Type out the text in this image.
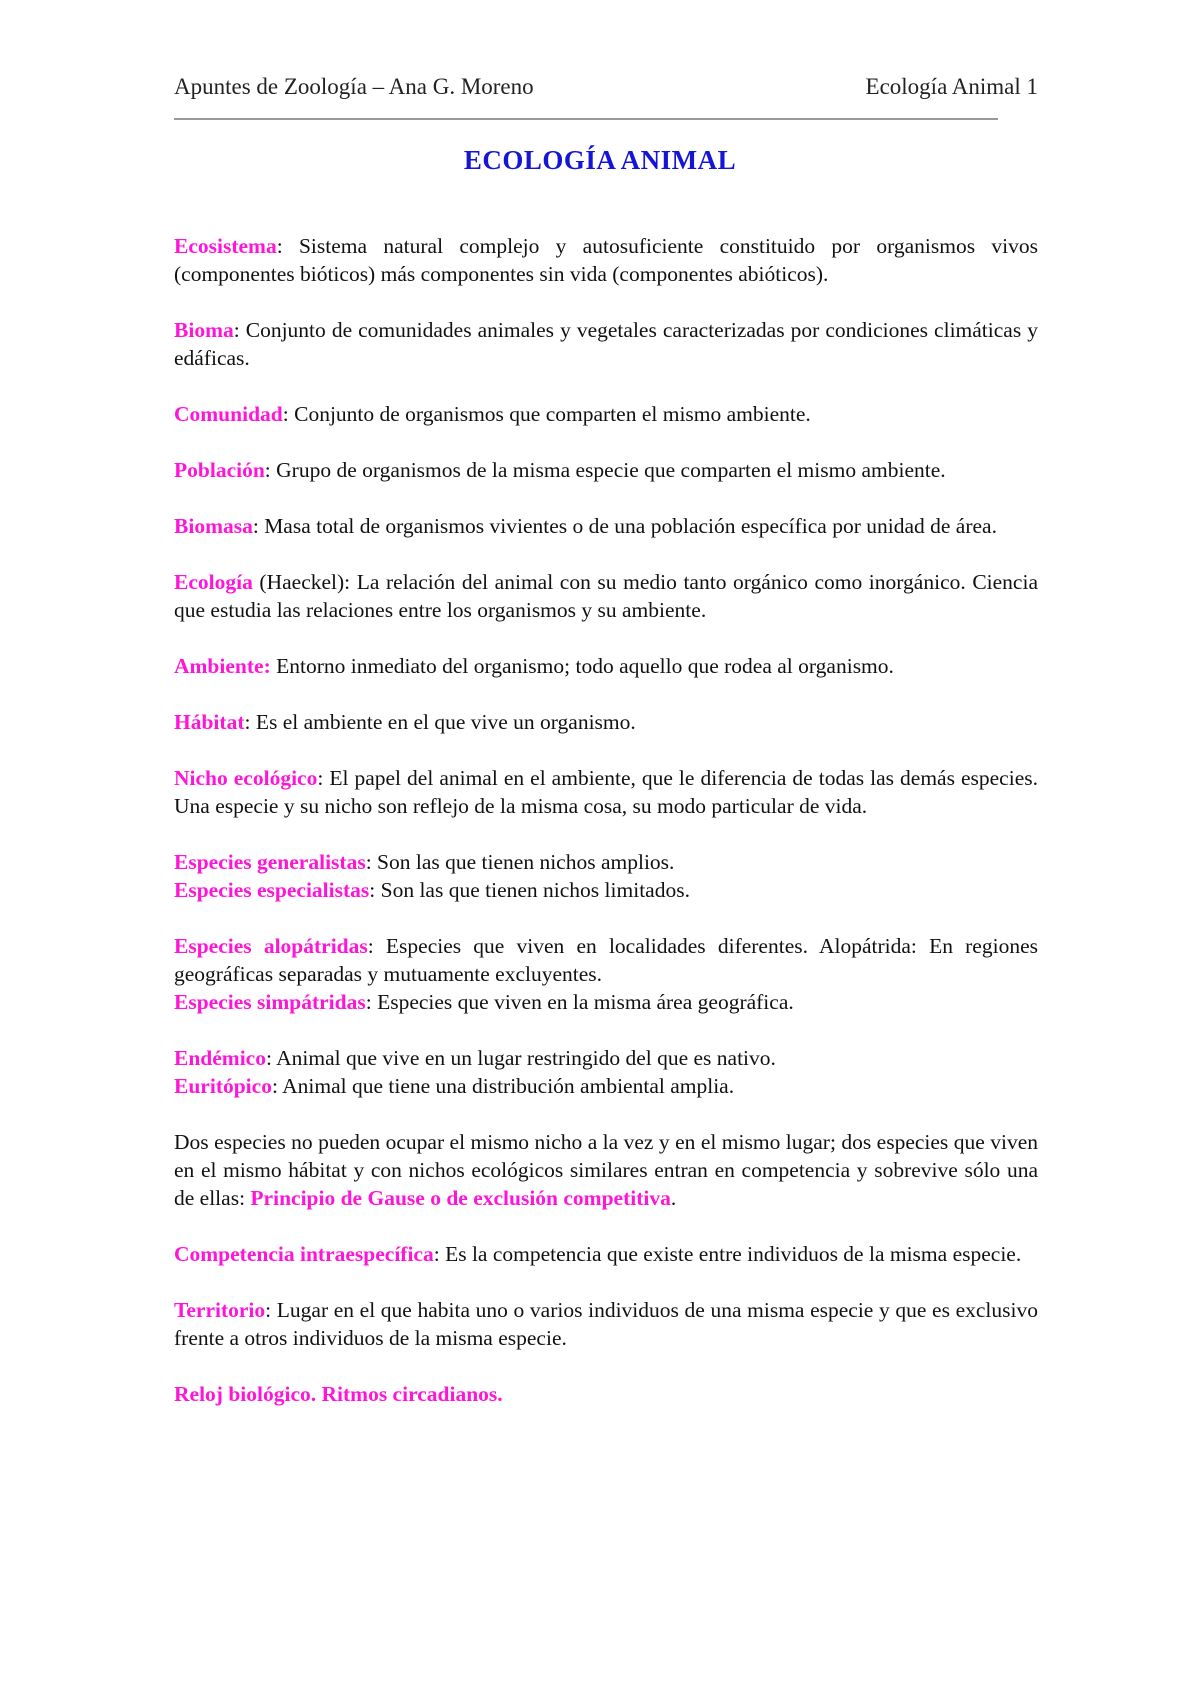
Apuntes de Zoología – Ana G. Moreno	Ecología Animal 1
ECOLOGÍA ANIMAL

Ecosistema: Sistema natural complejo y autosuficiente constituido por organismos vivos (componentes bióticos) más componentes sin vida (componentes abióticos).

Bioma: Conjunto de comunidades animales y vegetales caracterizadas por condiciones climáticas y edáficas.

Comunidad: Conjunto de organismos que comparten el mismo ambiente.

Población: Grupo de organismos de la misma especie que comparten el mismo ambiente.

Biomasa: Masa total de organismos vivientes o de una población específica por unidad de área.

Ecología (Haeckel): La relación del animal con su medio tanto orgánico como inorgánico. Ciencia que estudia las relaciones entre los organismos y su ambiente.

Ambiente: Entorno inmediato del organismo; todo aquello que rodea al organismo.

Hábitat: Es el ambiente en el que vive un organismo.

Nicho ecológico: El papel del animal en el ambiente, que le diferencia de todas las demás especies. Una especie y su nicho son reflejo de la misma cosa, su modo particular de vida.

Especies generalistas: Son las que tienen nichos amplios.

Especies especialistas: Son las que tienen nichos limitados.

Especies alopátridas: Especies que viven en localidades diferentes. Alopátrida: En regiones geográficas separadas y mutuamente excluyentes.

Especies simpátridas: Especies que viven en la misma área geográfica.

Endémico: Animal que vive en un lugar restringido del que es nativo.

Euritópico: Animal que tiene una distribución ambiental amplia.

Dos especies no pueden ocupar el mismo nicho a la vez y en el mismo lugar; dos especies que viven en el mismo hábitat y con nichos ecológicos similares entran en competencia y sobrevive sólo una de ellas: Principio de Gause o de exclusión competitiva.

Competencia intraespecífica: Es la competencia que existe entre individuos de la misma especie.

Territorio: Lugar en el que habita uno o varios individuos de una misma especie y que es exclusivo frente a otros individuos de la misma especie.

Reloj biológico. Ritmos circadianos.
